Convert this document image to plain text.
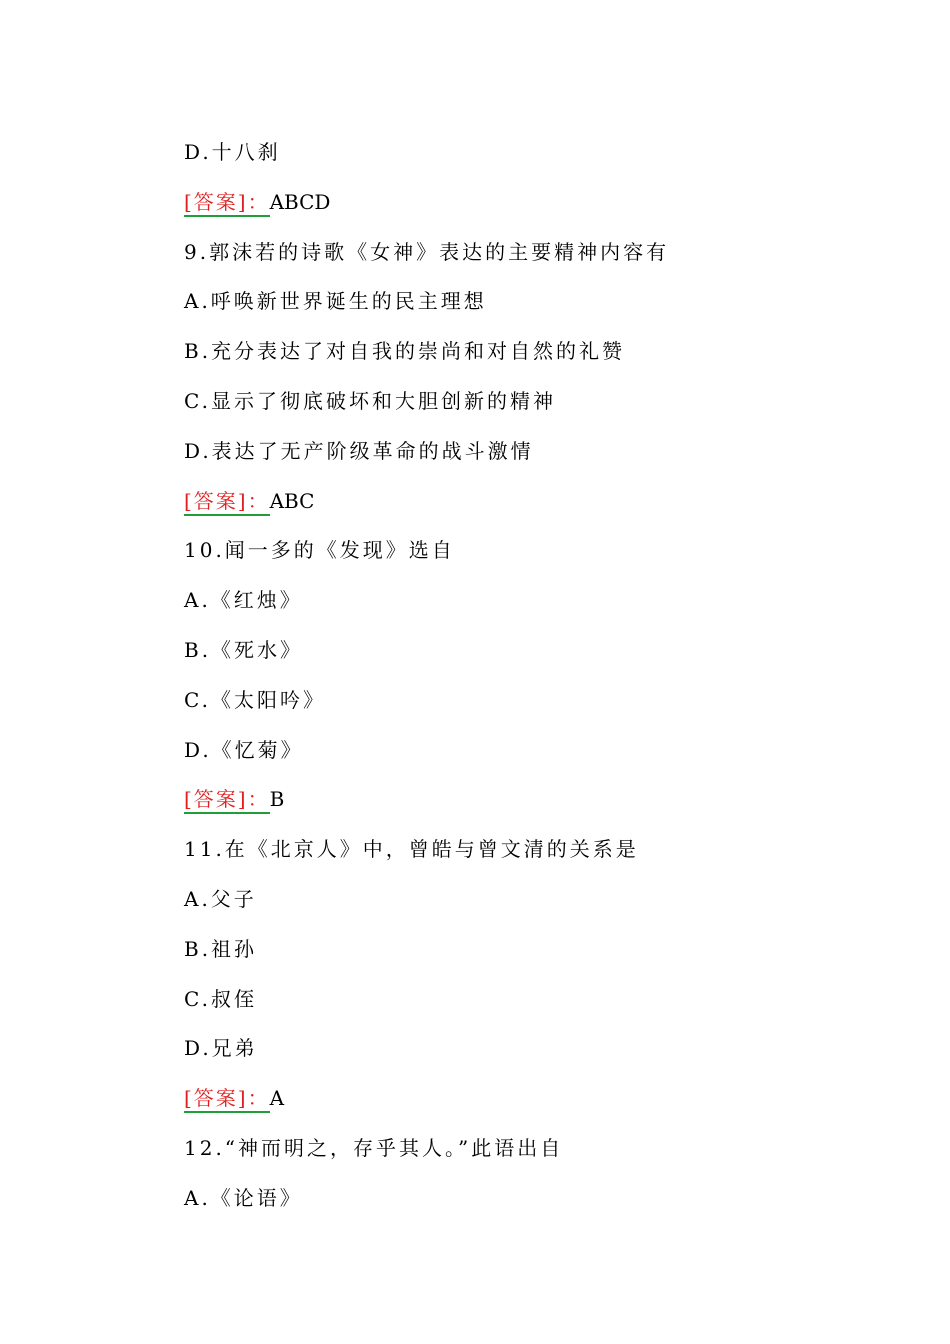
D.十八刹
[答案]：ABCD
9.郭沫若的诗歌《女神》表达的主要精神内容有
A.呼唤新世界诞生的民主理想
B.充分表达了对自我的崇尚和对自然的礼赞
C.显示了彻底破坏和大胆创新的精神
D.表达了无产阶级革命的战斗激情
[答案]：ABC
10.闻一多的《发现》选自
A.《红烛》
B.《死水》
C.《太阳吟》
D.《忆菊》
[答案]：B
11.在《北京人》中，曾皓与曾文清的关系是
A.父子
B.祖孙
C.叔侄
D.兄弟
[答案]：A
12.“神而明之，存乎其人。”此语出自
A.《论语》
